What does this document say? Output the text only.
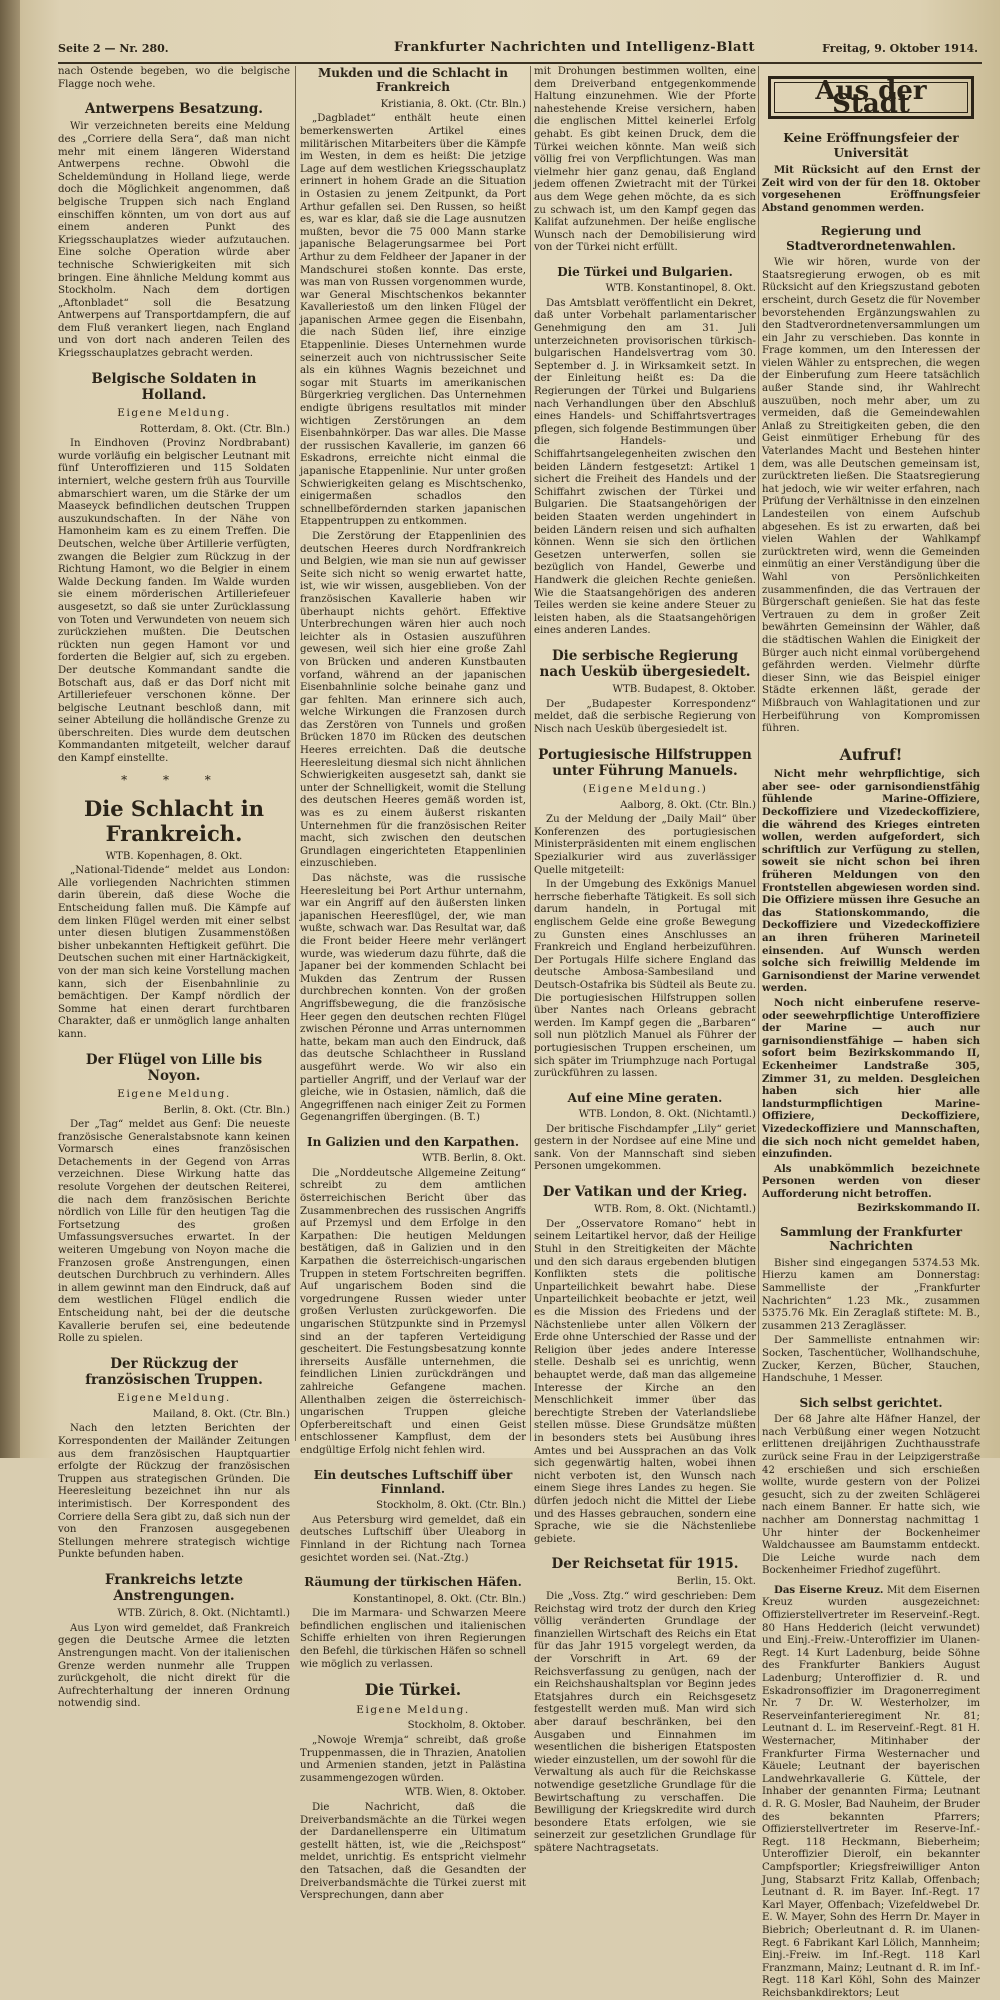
Seite 2 — Nr. 280.	Frankfurter Nachrichten und Intelligenz-Blatt	Freitag, 9. Oktober 1914.

nach Ostende begeben, wo die belgische Flagge noch wehe.

Antwerpens Besatzung.

Wir verzeichneten bereits eine Meldung des „Corriere della Sera“, daß man nicht mehr mit einem längeren Widerstand Antwerpens rechne. Obwohl die Scheldemündung in Holland liege, werde doch die Möglichkeit angenommen, daß belgische Truppen sich nach England einschiffen könnten, um von dort aus auf einem anderen Punkt des Kriegsschauplatzes wieder aufzutauchen. Eine solche Operation würde aber technische Schwierigkeiten mit sich bringen. Eine ähnliche Meldung kommt aus Stockholm. Nach dem dortigen „Aftonbladet“ soll die Besatzung Antwerpens auf Transportdampfern, die auf dem Fluß verankert liegen, nach England und von dort nach anderen Teilen des Kriegsschauplatzes gebracht werden.

Belgische Soldaten in Holland.
Eigene Meldung.
Rotterdam, 8. Okt. (Ctr. Bln.)

In Eindhoven (Provinz Nordbrabant) wurde vorläufig ein belgischer Leutnant mit fünf Unteroffizieren und 115 Soldaten interniert, welche gestern früh aus Tourville abmarschiert waren, um die Stärke der um Maaseyck befindlichen deutschen Truppen auszukundschaften. In der Nähe von Hamonheim kam es zu einem Treffen. Die Deutschen, welche über Artillerie verfügten, zwangen die Belgier zum Rückzug in der Richtung Hamont, wo die Belgier in einem Walde Deckung fanden. Im Walde wurden sie einem mörderischen Artilleriefeuer ausgesetzt, so daß sie unter Zurücklassung von Toten und Verwundeten von neuem sich zurückziehen mußten. Die Deutschen rückten nun gegen Hamont vor und forderten die Belgier auf, sich zu ergeben. Der deutsche Kommandant sandte die Botschaft aus, daß er das Dorf nicht mit Artilleriefeuer verschonen könne. Der belgische Leutnant beschloß dann, mit seiner Abteilung die holländische Grenze zu überschreiten. Dies wurde dem deutschen Kommandanten mitgeteilt, welcher darauf den Kampf einstellte.

* * *
Die Schlacht in Frankreich.
WTB. Kopenhagen, 8. Okt.

„National-Tidende“ meldet aus London: Alle vorliegenden Nachrichten stimmen darin überein, daß diese Woche die Entscheidung fallen muß. Die Kämpfe auf dem linken Flügel werden mit einer selbst unter diesen blutigen Zusammenstößen bisher unbekannten Heftigkeit geführt. Die Deutschen suchen mit einer Hartnäckigkeit, von der man sich keine Vorstellung machen kann, sich der Eisenbahnlinie zu bemächtigen. Der Kampf nördlich der Somme hat einen derart furchtbaren Charakter, daß er unmöglich lange anhalten kann.

Der Flügel von Lille bis Noyon.
Eigene Meldung.
Berlin, 8. Okt. (Ctr. Bln.)

Der „Tag“ meldet aus Genf: Die neueste französische Generalstabsnote kann keinen Vormarsch eines französischen Detachements in der Gegend von Arras verzeichnen. Diese Wirkung hatte das resolute Vorgehen der deutschen Reiterei, die nach dem französischen Berichte nördlich von Lille für den heutigen Tag die Fortsetzung des großen Umfassungsversuches erwartet. In der weiteren Umgebung von Noyon mache die Franzosen große Anstrengungen, einen deutschen Durchbruch zu verhindern. Alles in allem gewinnt man den Eindruck, daß auf dem westlichen Flügel endlich die Entscheidung naht, bei der die deutsche Kavallerie berufen sei, eine bedeutende Rolle zu spielen.

Der Rückzug der französischen Truppen.
Eigene Meldung.
Mailand, 8. Okt. (Ctr. Bln.)

Nach den letzten Berichten der Korrespondenten der Mailänder Zeitungen aus dem französischen Hauptquartier erfolgte der Rückzug der französischen Truppen aus strategischen Gründen. Die Heeresleitung bezeichnet ihn nur als interimistisch. Der Korrespondent des Corriere della Sera gibt zu, daß sich nun der von den Franzosen ausgegebenen Stellungen mehrere strategisch wichtige Punkte befunden haben.

Frankreichs letzte Anstrengungen.
WTB. Zürich, 8. Okt. (Nichtamtl.)

Aus Lyon wird gemeldet, daß Frankreich gegen die Deutsche Armee die letzten Anstrengungen macht. Von der italienischen Grenze werden nunmehr alle Truppen zurückgeholt, die nicht direkt für die Aufrechterhaltung der inneren Ordnung notwendig sind.

Mukden und die Schlacht in Frankreich
Kristiania, 8. Okt. (Ctr. Bln.)

„Dagbladet“ enthält heute einen bemerkenswerten Artikel eines militärischen Mitarbeiters über die Kämpfe im Westen, in dem es heißt: Die jetzige Lage auf dem westlichen Kriegsschauplatz erinnert in hohem Grade an die Situation in Ostasien zu jenem Zeitpunkt, da Port Arthur gefallen sei. Den Russen, so heißt es, war es klar, daß sie die Lage ausnutzen mußten, bevor die 75 000 Mann starke japanische Belagerungsarmee bei Port Arthur zu dem Feldheer der Japaner in der Mandschurei stoßen konnte. Das erste, was man von Russen vorgenommen wurde, war General Mischtschenkos bekannter Kavalleriestoß um den linken Flügel der japanischen Armee gegen die Eisenbahn, die nach Süden lief, ihre einzige Etappenlinie. Dieses Unternehmen wurde seinerzeit auch von nichtrussischer Seite als ein kühnes Wagnis bezeichnet und sogar mit Stuarts im amerikanischen Bürgerkrieg verglichen. Das Unternehmen endigte übrigens resultatlos mit minder wichtigen Zerstörungen an dem Eisenbahnkörper. Das war alles. Die Masse der russischen Kavallerie, im ganzen 66 Eskadrons, erreichte nicht einmal die japanische Etappenlinie. Nur unter großen Schwierigkeiten gelang es Mischtschenko, einigermaßen schadlos den schnellbefördernden starken japanischen Etappentruppen zu entkommen.

Die Zerstörung der Etappenlinien des deutschen Heeres durch Nordfrankreich und Belgien, wie man sie nun auf gewisser Seite sich nicht so wenig erwartet hatte, ist, wie wir wissen, ausgeblieben. Von der französischen Kavallerie haben wir überhaupt nichts gehört. Effektive Unterbrechungen wären hier auch noch leichter als in Ostasien auszuführen gewesen, weil sich hier eine große Zahl von Brücken und anderen Kunstbauten vorfand, während an der japanischen Eisenbahnlinie solche beinahe ganz und gar fehlten. Man erinnere sich auch, welche Wirkungen die Franzosen durch das Zerstören von Tunnels und großen Brücken 1870 im Rücken des deutschen Heeres erreichten. Daß die deutsche Heeresleitung diesmal sich nicht ähnlichen Schwierigkeiten ausgesetzt sah, dankt sie unter der Schnelligkeit, womit die Stellung des deutschen Heeres gemäß worden ist, was es zu einem äußerst riskanten Unternehmen für die französischen Reiter macht, sich zwischen den deutschen Grundlagen eingerichteten Etappenlinien einzuschieben.

Das nächste, was die russische Heeresleitung bei Port Arthur unternahm, war ein Angriff auf den äußersten linken japanischen Heeresflügel, der, wie man wußte, schwach war. Das Resultat war, daß die Front beider Heere mehr verlängert wurde, was wiederum dazu führte, daß die Japaner bei der kommenden Schlacht bei Mukden das Zentrum der Russen durchbrechen konnten. Von der großen Angriffsbewegung, die die französische Heer gegen den deutschen rechten Flügel zwischen Péronne und Arras unternommen hatte, bekam man auch den Eindruck, daß das deutsche Schlachtheer in Russland ausgeführt werde. Wo wir also ein partieller Angriff, und der Verlauf war der gleiche, wie in Ostasien, nämlich, daß die Angegriffenen nach einiger Zeit zu Formen Gegenangriffen übergingen. (B. T.)

In Galizien und den Karpathen.
WTB. Berlin, 8. Okt.

Die „Norddeutsche Allgemeine Zeitung“ schreibt zu dem amtlichen österreichischen Bericht über das Zusammenbrechen des russischen Angriffs auf Przemysl und dem Erfolge in den Karpathen: Die heutigen Meldungen bestätigen, daß in Galizien und in den Karpathen die österreichisch-ungarischen Truppen in stetem Fortschreiten begriffen. Auf ungarischem Boden sind die vorgedrungene Russen wieder unter großen Verlusten zurückgeworfen. Die ungarischen Stützpunkte sind in Przemysl sind an der tapferen Verteidigung gescheitert. Die Festungsbesatzung konnte ihrerseits Ausfälle unternehmen, die feindlichen Linien zurückdrängen und zahlreiche Gefangene machen. Allenthalben zeigen die österreichisch-ungarischen Truppen gleiche Opferbereitschaft und einen Geist entschlossener Kampflust, dem der endgültige Erfolg nicht fehlen wird.

Ein deutsches Luftschiff über Finnland.
Stockholm, 8. Okt. (Ctr. Bln.)

Aus Petersburg wird gemeldet, daß ein deutsches Luftschiff über Uleaborg in Finnland in der Richtung nach Tornea gesichtet worden sei. (Nat.-Ztg.)

Räumung der türkischen Häfen.
Konstantinopel, 8. Okt. (Ctr. Bln.)

Die im Marmara- und Schwarzen Meere befindlichen englischen und italienischen Schiffe erhielten von ihren Regierungen den Befehl, die türkischen Häfen so schnell wie möglich zu verlassen.

Die Türkei.
Eigene Meldung.
Stockholm, 8. Oktober.

„Nowoje Wremja“ schreibt, daß große Truppenmassen, die in Thrazien, Anatolien und Armenien standen, jetzt in Palästina zusammengezogen würden.

WTB. Wien, 8. Oktober.

Die Nachricht, daß die Dreiverbandsmächte an die Türkei wegen der Dardanellensperre ein Ultimatum gestellt hätten, ist, wie die „Reichspost“ meldet, unrichtig. Es entspricht vielmehr den Tatsachen, daß die Gesandten der Dreiverbandsmächte die Türkei zuerst mit Versprechungen, dann aber

mit Drohungen bestimmen wollten, eine dem Dreiverband entgegenkommende Haltung einzunehmen. Wie der Pforte nahestehende Kreise versichern, haben die englischen Mittel keinerlei Erfolg gehabt. Es gibt keinen Druck, dem die Türkei weichen könnte. Man weiß sich völlig frei von Verpflichtungen. Was man vielmehr hier ganz genau, daß England jedem offenen Zwietracht mit der Türkei aus dem Wege gehen möchte, da es sich zu schwach ist, um den Kampf gegen das Kalifat aufzunehmen. Der heiße englische Wunsch nach der Demobilisierung wird von der Türkei nicht erfüllt.

Die Türkei und Bulgarien.
WTB. Konstantinopel, 8. Okt.

Das Amtsblatt veröffentlicht ein Dekret, daß unter Vorbehalt parlamentarischer Genehmigung den am 31. Juli unterzeichneten provisorischen türkisch-bulgarischen Handelsvertrag vom 30. September d. J. in Wirksamkeit setzt. In der Einleitung heißt es: Da die Regierungen der Türkei und Bulgariens nach Verhandlungen über den Abschluß eines Handels- und Schiffahrtsvertrages pflegen, sich folgende Bestimmungen über die Handels- und Schiffahrtsangelegenheiten zwischen den beiden Ländern festgesetzt: Artikel 1 sichert die Freiheit des Handels und der Schiffahrt zwischen der Türkei und Bulgarien. Die Staatsangehörigen der beiden Staaten werden ungehindert in beiden Ländern reisen und sich aufhalten können. Wenn sie sich den örtlichen Gesetzen unterwerfen, sollen sie bezüglich von Handel, Gewerbe und Handwerk die gleichen Rechte genießen. Wie die Staatsangehörigen des anderen Teiles werden sie keine andere Steuer zu leisten haben, als die Staatsangehörigen eines anderen Landes.

Die serbische Regierung nach Uesküb übergesiedelt.
WTB. Budapest, 8. Oktober.

Der „Budapester Korrespondenz“ meldet, daß die serbische Regierung von Nisch nach Uesküb übergesiedelt ist.

Portugiesische Hilfstruppen unter Führung Manuels.
(Eigene Meldung.)
Aalborg, 8. Okt. (Ctr. Bln.)

Zu der Meldung der „Daily Mail“ über Konferenzen des portugiesischen Ministerpräsidenten mit einem englischen Spezialkurier wird aus zuverlässiger Quelle mitgeteilt:

In der Umgebung des Exkönigs Manuel herrsche fieberhafte Tätigkeit. Es soll sich darum handeln, in Portugal mit englischem Gelde eine große Bewegung zu Gunsten eines Anschlusses an Frankreich und England herbeizuführen. Der Portugals Hilfe sichere England das deutsche Ambosa-Sambesiland und Deutsch-Ostafrika bis Südteil als Beute zu. Die portugiesischen Hilfstruppen sollen über Nantes nach Orleans gebracht werden. Im Kampf gegen die „Barbaren“ soll nun plötzlich Manuel als Führer der portugiesischen Truppen erscheinen, um sich später im Triumphzuge nach Portugal zurückführen zu lassen.

Auf eine Mine geraten.
WTB. London, 8. Okt. (Nichtamtl.)

Der britische Fischdampfer „Lily“ geriet gestern in der Nordsee auf eine Mine und sank. Von der Mannschaft sind sieben Personen umgekommen.

Der Vatikan und der Krieg.
WTB. Rom, 8. Okt. (Nichtamtl.)

Der „Osservatore Romano“ hebt in seinem Leitartikel hervor, daß der Heilige Stuhl in den Streitigkeiten der Mächte und den sich daraus ergebenden blutigen Konflikten stets die politische Unparteilichkeit bewahrt habe. Diese Unparteilichkeit beobachte er jetzt, weil es die Mission des Friedens und der Nächstenliebe unter allen Völkern der Erde ohne Unterschied der Rasse und der Religion über jedes andere Interesse stelle. Deshalb sei es unrichtig, wenn behauptet werde, daß man das allgemeine Interesse der Kirche an den Menschlichkeit immer über das berechtigte Streben der Vaterlandsliebe stellen müsse. Diese Grundsätze müßten in besonders stets bei Ausübung ihres Amtes und bei Aussprachen an das Volk sich gegenwärtig halten, wobei ihnen nicht verboten ist, den Wunsch nach einem Siege ihres Landes zu hegen. Sie dürfen jedoch nicht die Mittel der Liebe und des Hasses gebrauchen, sondern eine Sprache, wie sie die Nächstenliebe gebiete.

Der Reichsetat für 1915.
Berlin, 15. Okt.

Die „Voss. Ztg.“ wird geschrieben: Dem Reichstag wird trotz der durch den Krieg völlig veränderten Grundlage der finanziellen Wirtschaft des Reichs ein Etat für das Jahr 1915 vorgelegt werden, da der Vorschrift in Art. 69 der Reichsverfassung zu genügen, nach der ein Reichshaushaltsplan vor Beginn jedes Etatsjahres durch ein Reichsgesetz festgestellt werden muß. Man wird sich aber darauf beschränken, bei den Ausgaben und Einnahmen im wesentlichen die bisherigen Etatsposten wieder einzustellen, um der sowohl für die Verwaltung als auch für die Reichskasse notwendige gesetzliche Grundlage für die Bewirtschaftung zu verschaffen. Die Bewilligung der Kriegskredite wird durch besondere Etats erfolgen, wie sie seinerzeit zur gesetzlichen Grundlage für spätere Nachtragsetats.

Aus der Stadt
Keine Eröffnungsfeier der Universität

Mit Rücksicht auf den Ernst der Zeit wird von der für den 18. Oktober vorgesehenen Eröffnungsfeier Abstand genommen werden.

Regierung und Stadtverordnetenwahlen.

Wie wir hören, wurde von der Staatsregierung erwogen, ob es mit Rücksicht auf den Kriegszustand geboten erscheint, durch Gesetz die für November bevorstehenden Ergänzungswahlen zu den Stadtverordnetenversammlungen um ein Jahr zu verschieben. Das konnte in Frage kommen, um den Interessen der vielen Wähler zu entsprechen, die wegen der Einberufung zum Heere tatsächlich außer Stande sind, ihr Wahlrecht auszuüben, noch mehr aber, um zu vermeiden, daß die Gemeindewahlen Anlaß zu Streitigkeiten geben, die den Geist einmütiger Erhebung für des Vaterlandes Macht und Bestehen hinter dem, was alle Deutschen gemeinsam ist, zurücktreten ließen. Die Staatsregierung hat jedoch, wie wir weiter erfahren, nach Prüfung der Verhältnisse in den einzelnen Landesteilen von einem Aufschub abgesehen. Es ist zu erwarten, daß bei vielen Wahlen der Wahlkampf zurücktreten wird, wenn die Gemeinden einmütig an einer Verständigung über die Wahl von Persönlichkeiten zusammenfinden, die das Vertrauen der Bürgerschaft genießen. Sie hat das feste Vertrauen zu dem in großer Zeit bewährten Gemeinsinn der Wähler, daß die städtischen Wahlen die Einigkeit der Bürger auch nicht einmal vorübergehend gefährden werden. Vielmehr dürfte dieser Sinn, wie das Beispiel einiger Städte erkennen läßt, gerade der Mißbrauch von Wahlagitationen und zur Herbeiführung von Kompromissen führen.

Aufruf!

Nicht mehr wehrpflichtige, sich aber see- oder garnisondienstfähig fühlende Marine-Offiziere, Deckoffiziere und Vizedeckoffiziere, die während des Krieges eintreten wollen, werden aufgefordert, sich schriftlich zur Verfügung zu stellen, soweit sie nicht schon bei ihren früheren Meldungen von den Frontstellen abgewiesen worden sind. Die Offiziere müssen ihre Gesuche an das Stationskommando, die Deckoffiziere und Vizedeckoffiziere an ihren früheren Marineteil einsenden. Auf Wunsch werden solche sich freiwillig Meldende im Garnisondienst der Marine verwendet werden.

Noch nicht einberufene reserve- oder seewehrpflichtige Unteroffiziere der Marine — auch nur garnisondienstfähige — haben sich sofort beim Bezirkskommando II, Eckenheimer Landstraße 305, Zimmer 31, zu melden. Desgleichen haben sich hier alle landsturmpflichtigen Marine-Offiziere, Deckoffiziere, Vizedeckoffiziere und Mannschaften, die sich noch nicht gemeldet haben, einzufinden.

Als unabkömmlich bezeichnete Personen werden von dieser Aufforderung nicht betroffen.

Bezirkskommando II.
Sammlung der Frankfurter Nachrichten

Bisher sind eingegangen 5374.53 Mk. Hierzu kamen am Donnerstag: Sammelliste der „Frankfurter Nachrichten“ 1.23 Mk., zusammen 5375.76 Mk. Ein Zeraglaß stiftete: M. B., zusammen 213 Zeraglässer.

Der Sammelliste entnahmen wir: Socken, Taschentücher, Wollhandschuhe, Zucker, Kerzen, Bücher, Stauchen, Handschuhe, 1 Messer.

Sich selbst gerichtet.

Der 68 Jahre alte Häfner Hanzel, der nach Verbüßung einer wegen Notzucht erlittenen dreijährigen Zuchthausstrafe zurück seine Frau in der Leipzigerstraße 42 erschießen und sich erschießen wollte, wurde gestern von der Polizei gesucht, sich zu der zweiten Schlägerei nach einem Banner. Er hatte sich, wie nachher am Donnerstag nachmittag 1 Uhr hinter der Bockenheimer Waldchaussee am Baumstamm entdeckt. Die Leiche wurde nach dem Bockenheimer Friedhof zugeführt.

Das Eiserne Kreuz. Mit dem Eisernen Kreuz wurden ausgezeichnet: Offizierstellvertreter im Reserveinf.-Regt. 80 Hans Hedderich (leicht verwundet) und Einj.-Freiw.-Unteroffizier im Ulanen-Regt. 14 Kurt Ladenburg, beide Söhne des Frankfurter Bankiers August Ladenburg; Unteroffizier d. R. und Eskadronsoffizier im Dragonerregiment Nr. 7 Dr. W. Westerholzer, im Reserveinfanterieregiment Nr. 81; Leutnant d. L. im Reserveinf.-Regt. 81 H. Westernacher, Mitinhaber der Frankfurter Firma Westernacher und Käuele; Leutnant der bayerischen Landwehrkavallerie G. Küttele, der Inhaber der genannten Firma; Leutnant d. R. G. Mosler, Bad Nauheim, der Bruder des bekannten Pfarrers; Offizierstellvertreter im Reserve-Inf.-Regt. 118 Heckmann, Bieberheim; Unteroffizier Dierolf, ein bekannter Campfsportler; Kriegsfreiwilliger Anton Jung, Stabsarzt Fritz Kallab, Offenbach; Leutnant d. R. im Bayer. Inf.-Regt. 17 Karl Mayer, Offenbach; Vizefeldwebel Dr. E. W. Mayer, Sohn des Herrn Dr. Mayer in Biebrich; Oberleutnant d. R. im Ulanen-Regt. 6 Fabrikant Karl Lölich, Mannheim; Einj.-Freiw. im Inf.-Regt. 118 Karl Franzmann, Mainz; Leutnant d. R. im Inf.-Regt. 118 Karl Köhl, Sohn des Mainzer Reichsbankdirektors; Leut
